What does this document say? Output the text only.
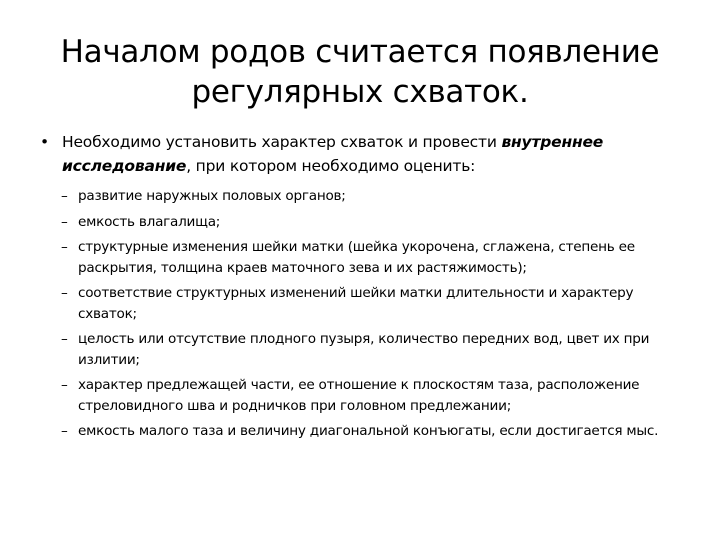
Началом родов считается появление
регулярных схваток.
• Необходимо установить характер схваток и провести внутреннее исследование, при котором необходимо оценить:
– развитие наружных половых органов;
– емкость влагалища;
– структурные изменения шейки матки (шейка укорочена, сглажена, степень ее раскрытия, толщина краев маточного зева и их растяжимость);
– соответствие структурных изменений шейки матки длительности и характеру схваток;
– целость или отсутствие плодного пузыря, количество передних вод, цвет их при излитии;
– характер предлежащей части, ее отношение к плоскостям таза, расположение стреловидного шва и родничков при головном предлежании;
– емкость малого таза и величину диагональной конъюгаты, если достигается мыс.
